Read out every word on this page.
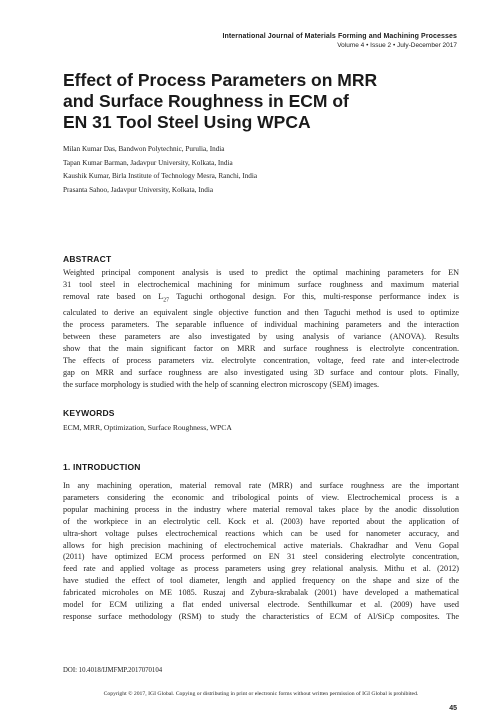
International Journal of Materials Forming and Machining Processes
Volume 4 • Issue 2 • July-December 2017
Effect of Process Parameters on MRR
and Surface Roughness in ECM of
EN 31 Tool Steel Using WPCA
Milan Kumar Das, Bandwon Polytechnic, Purulia, India
Tapan Kumar Barman, Jadavpur University, Kolkata, India
Kaushik Kumar, Birla Institute of Technology Mesra, Ranchi, India
Prasanta Sahoo, Jadavpur University, Kolkata, India
ABSTRACT
Weighted principal component analysis is used to predict the optimal machining parameters for EN
31 tool steel in electrochemical machining for minimum surface roughness and maximum material
removal rate based on $L_{27}$ Taguchi orthogonal design. For this, multi-response performance index is
calculated to derive an equivalent single objective function and then Taguchi method is used to optimize
the process parameters. The separable influence of individual machining parameters and the interaction
between these parameters are also investigated by using analysis of variance (ANOVA). Results
show that the main significant factor on MRR and surface roughness is electrolyte concentration.
The effects of process parameters viz. electrolyte concentration, voltage, feed rate and inter-electrode
gap on MRR and surface roughness are also investigated using 3D surface and contour plots. Finally,
the surface morphology is studied with the help of scanning electron microscopy (SEM) images.
KEYWORDS
ECM, MRR, Optimization, Surface Roughness, WPCA
1. INTRODUCTION
In any machining operation, material removal rate (MRR) and surface roughness are the important
parameters considering the economic and tribological points of view. Electrochemical process is a
popular machining process in the industry where material removal takes place by the anodic dissolution
of the workpiece in an electrolytic cell. Kock et al. (2003) have reported about the application of
ultra-short voltage pulses electrochemical reactions which can be used for nanometer accuracy, and
allows for high precision machining of electrochemical active materials. Chakradhar and Venu Gopal
(2011) have optimized ECM process performed on EN 31 steel considering electrolyte concentration,
feed rate and applied voltage as process parameters using grey relational analysis. Mithu et al. (2012)
have studied the effect of tool diameter, length and applied frequency on the shape and size of the
fabricated microholes on ME 1085. Ruszaj and Zybura-skrabalak (2001) have developed a mathematical
model for ECM utilizing a flat ended universal electrode. Senthilkumar et al. (2009) have used
response surface methodology (RSM) to study the characteristics of ECM of Al/SiCp composites. The
DOI: 10.4018/IJMFMP.2017070104
Copyright © 2017, IGI Global. Copying or distributing in print or electronic forms without written permission of IGI Global is prohibited.
45
